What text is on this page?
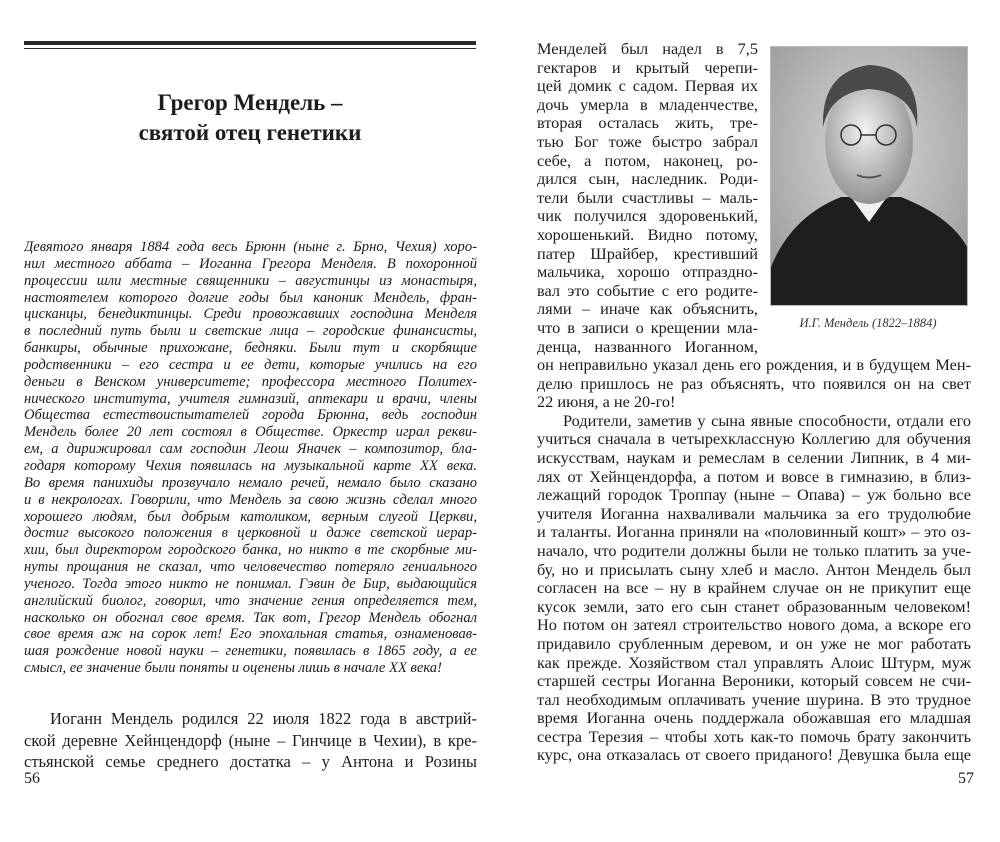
Грегор Мендель –
святой отец генетики
Девятого января 1884 года весь Брюнн (ныне г. Брно, Чехия) хоро-
нил местного аббата – Иоганна Грегора Менделя. В похоронной
процессии шли местные священники – августинцы из монастыря,
настоятелем которого долгие годы был каноник Мендель, фран-
цисканцы, бенедиктинцы. Среди провожавших господина Менделя
в последний путь были и светские лица – городские финансисты,
банкиры, обычные прихожане, бедняки. Были тут и скорбящие
родственники – его сестра и ее дети, которые учились на его
деньги в Венском университете; профессора местного Политех-
нического института, учителя гимназий, аптекари и врачи, члены
Общества естествоиспытателей города Брюнна, ведь господин
Мендель более 20 лет состоял в Обществе. Оркестр играл рекви-
ем, а дирижировал сам господин Леош Яначек – композитор, бла-
годаря которому Чехия появилась на музыкальной карте XX века.
Во время панихиды прозвучало немало речей, немало было сказано
и в некрологах. Говорили, что Мендель за свою жизнь сделал много
хорошего людям, был добрым католиком, верным слугой Церкви,
достиг высокого положения в церковной и даже светской иерар-
хии, был директором городского банка, но никто в те скорбные ми-
нуты прощания не сказал, что человечество потеряло гениального
ученого. Тогда этого никто не понимал. Гэвин де Бир, выдающийся
английский биолог, говорил, что значение гения определяется тем,
насколько он обогнал свое время. Так вот, Грегор Мендель обогнал
свое время аж на сорок лет! Его эпохальная статья, ознаменовав-
шая рождение новой науки – генетики, появилась в 1865 году, а ее
смысл, ее значение были поняты и оценены лишь в начале XX века!
Иоганн Мендель родился 22 июля 1822 года в австрий-
ской деревне Хейнцендорф (ныне – Гинчице в Чехии), в кре-
стьянской семье среднего достатка – у Антона и Розины
56
Менделей был надел в 7,5
гектаров и крытый черепи-
цей домик с садом. Первая их
дочь умерла в младенчестве,
вторая осталась жить, тре-
тью Бог тоже быстро забрал
себе, а потом, наконец, ро-
дился сын, наследник. Роди-
тели были счастливы – маль-
чик получился здоровенький,
хорошенький. Видно потому,
патер Шрайбер, крестивший
мальчика, хорошо отпраздно-
вал это событие с его родите-
лями – иначе как объяснить,
что в записи о крещении мла-
денца, названного Иоганном,
И.Г. Мендель (1822–1884)
он неправильно указал день его рождения, и в будущем Мен-
делю пришлось не раз объяснять, что появился он на свет
22 июня, а не 20-го!
Родители, заметив у сына явные способности, отдали его
учиться сначала в четырехклассную Коллегию для обучения
искусствам, наукам и ремеслам в селении Липник, в 4 ми-
лях от Хейнцендорфа, а потом и вовсе в гимназию, в близ-
лежащий городок Троппау (ныне – Опава) – уж больно все
учителя Иоганна нахваливали мальчика за его трудолюбие
и таланты. Иоганна приняли на «половинный кошт» – это оз-
начало, что родители должны были не только платить за уче-
бу, но и присылать сыну хлеб и масло. Антон Мендель был
согласен на все – ну в крайнем случае он не прикупит еще
кусок земли, зато его сын станет образованным человеком!
Но потом он затеял строительство нового дома, а вскоре его
придавило срубленным деревом, и он уже не мог работать
как прежде. Хозяйством стал управлять Алоис Штурм, муж
старшей сестры Иоганна Вероники, который совсем не счи-
тал необходимым оплачивать учение шурина. В это трудное
время Иоганна очень поддержала обожавшая его младшая
сестра Терезия – чтобы хоть как-то помочь брату закончить
курс, она отказалась от своего приданого! Девушка была еще
57
